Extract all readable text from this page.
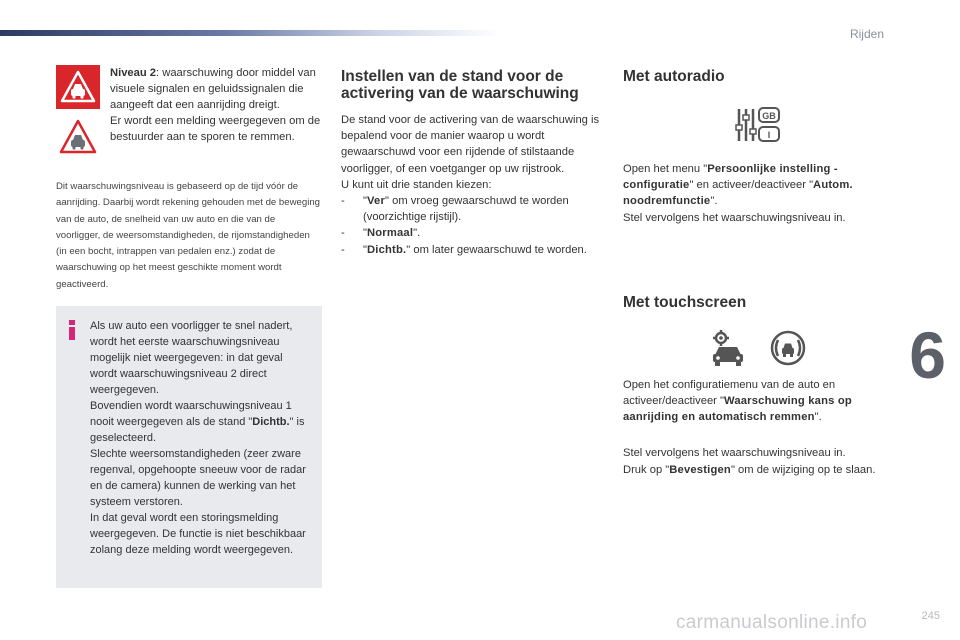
Rijden
6
Niveau 2: waarschuwing door middel van visuele signalen en geluidssignalen die aangeeft dat een aanrijding dreigt.
Er wordt een melding weergegeven om de bestuurder aan te sporen te remmen.

Dit waarschuwingsniveau is gebaseerd op de tijd vóór de aanrijding. Daarbij wordt rekening gehouden met de beweging van de auto, de snelheid van uw auto en die van de voorligger, de weersomstandigheden, de rijomstandigheden (in een bocht, intrappen van pedalen enz.) zodat de waarschuwing op het meest geschikte moment wordt geactiveerd.

Als uw auto een voorligger te snel nadert, wordt het eerste waarschuwingsniveau mogelijk niet weergegeven: in dat geval wordt waarschuwingsniveau 2 direct weergegeven.

Bovendien wordt waarschuwingsniveau 1 nooit weergegeven als de stand "Dichtb." is geselecteerd.

Slechte weersomstandigheden (zeer zware regenval, opgehoopte sneeuw voor de radar en de camera) kunnen de werking van het systeem verstoren.

In dat geval wordt een storingsmelding weergegeven. De functie is niet beschikbaar zolang deze melding wordt weergegeven.

Instellen van de stand voor de activering van de waarschuwing

De stand voor de activering van de waarschuwing is bepalend voor de manier waarop u wordt gewaarschuwd voor een rijdende of stilstaande voorligger, of een voetganger op uw rijstrook.

U kunt uit drie standen kiezen:

-	"Ver" om vroeg gewaarschuwd te worden (voorzichtige rijstijl).
-	"Normaal".
-	"Dichtb." om later gewaarschuwd te worden.
Met autoradio
GB
I

Open het menu "Persoonlijke instelling - configuratie" en activeer/deactiveer "Autom. noodremfunctie".

Stel vervolgens het waarschuwingsniveau in.

Met touchscreen

Open het configuratiemenu van de auto en activeer/deactiveer "Waarschuwing kans op aanrijding en automatisch remmen".

Stel vervolgens het waarschuwingsniveau in.

Druk op "Bevestigen" om de wijziging op te slaan.

carmanualsonline.info	245
